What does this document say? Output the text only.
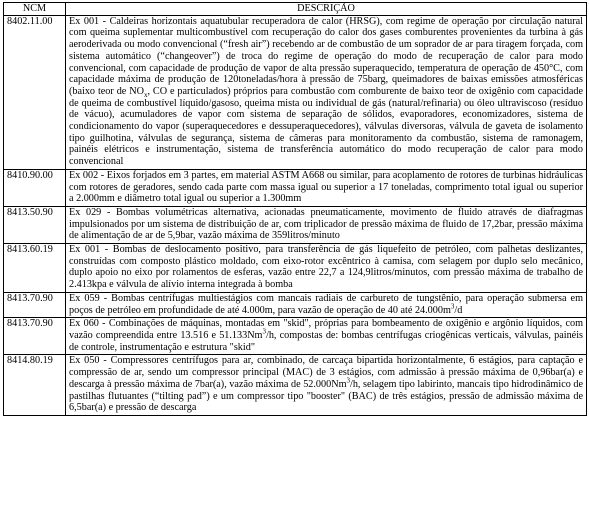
NCM	DESCRIÇÃO
8402.11.00	Ex 001 - Caldeiras horizontais aquatubular recuperadora de calor (HRSG), com regime de operação por circulação natural com queima suplementar multicombustível com recuperação do calor dos gases comburentes provenientes da turbina à gás aeroderivada ou modo convencional (“fresh air”) recebendo ar de combustão de um soprador de ar para tiragem forçada, com sistema automático (“changeover”) de troca do regime de operação do modo de recuperação de calor para modo convencional, com capacidade de produção de vapor de alta pressão superaquecido, temperatura de operação de 450°C, com capacidade máxima de produção de 120toneladas/hora à pressão de 75barg, queimadores de baixas emissões atmosféricas (baixo teor de $NO_x$, CO e particulados) próprios para combustão com comburente de baixo teor de oxigênio com capacidade de queima de combustível líquido/gasoso, queima mista ou individual de gás (natural/refinaria) ou óleo ultraviscoso (resíduo de vácuo), acumuladores de vapor com sistema de separação de sólidos, evaporadores, economizadores, sistema de condicionamento do vapor (superaquecedores e dessuperaquecedores), válvulas diversoras, válvula de gaveta de isolamento tipo guilhotina, válvulas de segurança, sistema de câmeras para monitoramento da combustão, sistema de ramonagem, painéis elétricos e instrumentação, sistema de transferência automático do modo recuperação de calor para modo convencional
8410.90.00	Ex 002 - Eixos forjados em 3 partes, em material ASTM A668 ou similar, para acoplamento de rotores de turbinas hidráulicas com rotores de geradores, sendo cada parte com massa igual ou superior a 17 toneladas, comprimento total igual ou superior a 2.000mm e diâmetro total igual ou superior a 1.300mm
8413.50.90	Ex 029 - Bombas volumétricas alternativa, acionadas pneumaticamente, movimento de fluido através de diafragmas impulsionados por um sistema de distribuição de ar, com triplicador de pressão máxima de fluido de 17,2bar, pressão máxima de alimentação de ar de 5,9bar, vazão máxima de 359litros/minuto
8413.60.19	Ex 001 - Bombas de deslocamento positivo, para transferência de gás liquefeito de petróleo, com palhetas deslizantes, construídas com composto plástico moldado, com eixo-rotor excêntrico à camisa, com selagem por duplo selo mecânico, duplo apoio no eixo por rolamentos de esferas, vazão entre 22,7 a 124,9litros/minutos, com pressão máxima de trabalho de 2.413kpa e válvula de alívio interna integrada à bomba
8413.70.90	Ex 059 - Bombas centrífugas multiestágios com mancais radiais de carbureto de tungstênio, para operação submersa em poços de petróleo em profundidade de até 4.000m, para vazão de operação de 40 até $24.000m^3/d$
8413.70.90	Ex 060 - Combinações de máquinas, montadas em "skid", próprias para bombeamento de oxigênio e argônio líquidos, com vazão compreendida entre 13.516 e 51.133Nm$^3$/h, compostas de: bombas centrífugas criogênicas verticais, válvulas, painéis de controle, instrumentação e estrutura "skid"
8414.80.19	Ex 050 - Compressores centrífugos para ar, combinado, de carcaça bipartida horizontalmente, 6 estágios, para captação e compressão de ar, sendo um compressor principal (MAC) de 3 estágios, com admissão à pressão máxima de 0,96bar(a) e descarga à pressão máxima de 7bar(a), vazão máxima de 52.000Nm$^3$/h, selagem tipo labirinto, mancais tipo hidrodinâmico de pastilhas flutuantes (“tilting pad”) e um compressor tipo "booster" (BAC) de três estágios, pressão de admissão máxima de 6,5bar(a) e pressão de descarga
